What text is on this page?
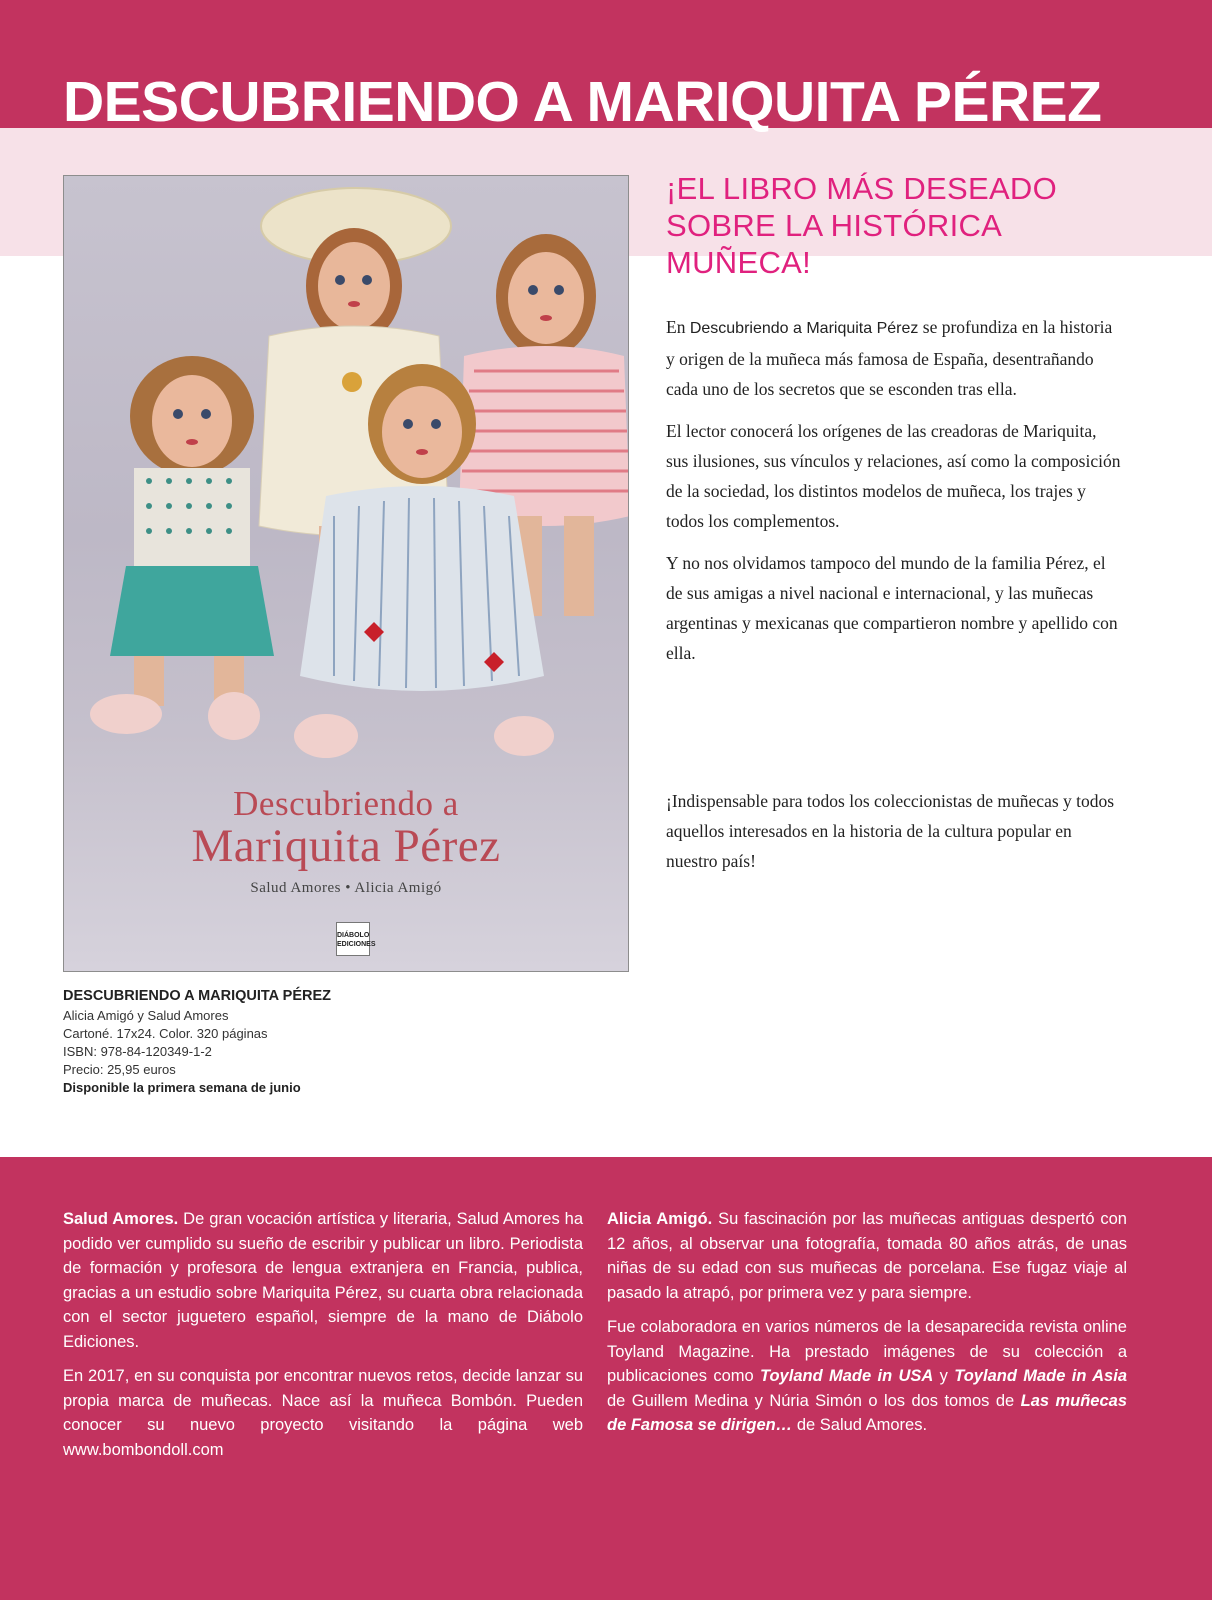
DESCUBRIENDO A MARIQUITA PÉREZ
Descubriendo a
Mariquita Pérez
Salud Amores • Alicia Amigó
DIÁBOLO EDICIONES
¡EL LIBRO MÁS DESEADO SOBRE LA HISTÓRICA MUÑECA!

En Descubriendo a Mariquita Pérez se profundiza en la historia y origen de la muñeca más famosa de España, desentrañando cada uno de los secretos que se esconden tras ella.

El lector conocerá los orígenes de las creadoras de Mariquita, sus ilusiones, sus vínculos y relaciones, así como la composición de la sociedad, los distintos modelos de muñeca, los trajes y todos los complementos.

Y no nos olvidamos tampoco del mundo de la familia Pérez, el de sus amigas a nivel nacional e internacional, y las muñecas argentinas y mexicanas que compartieron nombre y apellido con ella.

¡Indispensable para todos los coleccionistas de muñecas y todos aquellos interesados en la historia de la cultura popular en nuestro país!
DESCUBRIENDO A MARIQUITA PÉREZ
Alicia Amigó y Salud Amores
Cartoné. 17x24. Color. 320 páginas
ISBN: 978-84-120349-1-2
Precio: 25,95 euros
Disponible la primera semana de junio

Salud Amores. De gran vocación artística y literaria, Salud Amores ha podido ver cumplido su sueño de escribir y publicar un libro. Periodista de formación y profesora de lengua extranjera en Francia, publica, gracias a un estudio sobre Mariquita Pérez, su cuarta obra relacionada con el sector juguetero español, siempre de la mano de Diábolo Ediciones.

En 2017, en su conquista por encontrar nuevos retos, decide lanzar su propia marca de muñecas. Nace así la muñeca Bombón. Pueden conocer su nuevo proyecto visitando la página web www.bombondoll.com

Alicia Amigó. Su fascinación por las muñecas antiguas despertó con 12 años, al observar una fotografía, tomada 80 años atrás, de unas niñas de su edad con sus muñecas de porcelana. Ese fugaz viaje al pasado la atrapó, por primera vez y para siempre.

Fue colaboradora en varios números de la desaparecida revista online Toyland Magazine. Ha prestado imágenes de su colección a publicaciones como Toyland Made in USA y Toyland Made in Asia de Guillem Medina y Núria Simón o los dos tomos de Las muñecas de Famosa se dirigen… de Salud Amores.
